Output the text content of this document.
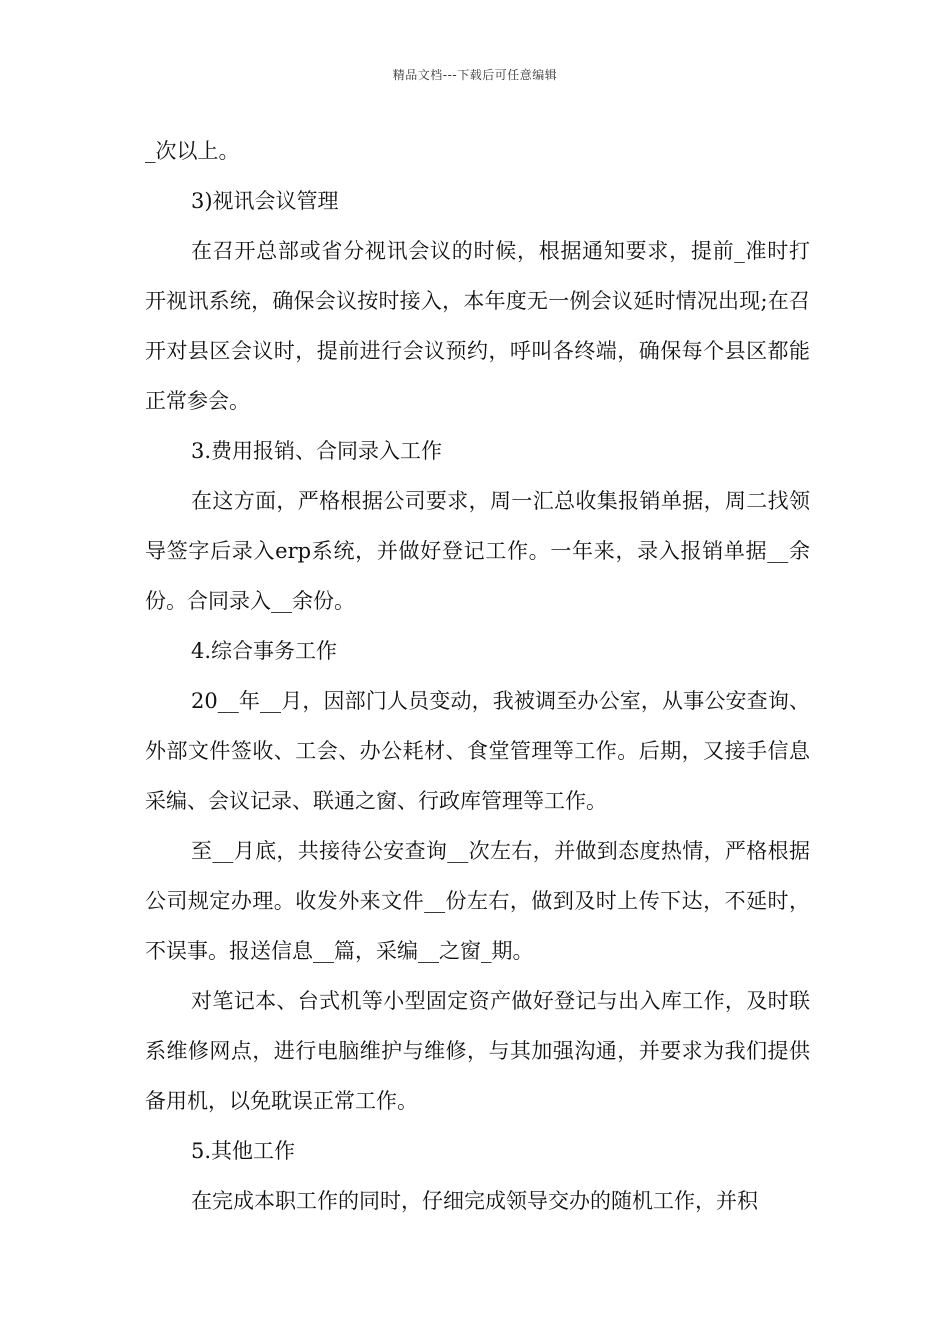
精品文档---下载后可任意编辑

_次以上。

3)视讯会议管理

在召开总部或省分视讯会议的时候，根据通知要求，提前_准时打开视讯系统，确保会议按时接入，本年度无一例会议延时情况出现;在召开对县区会议时，提前进行会议预约，呼叫各终端，确保每个县区都能正常参会。

3.费用报销、合同录入工作

在这方面，严格根据公司要求，周一汇总收集报销单据，周二找领导签字后录入erp系统，并做好登记工作。一年来，录入报销单据__余份。合同录入__余份。

4.综合事务工作

20__年__月，因部门人员变动，我被调至办公室，从事公安查询、外部文件签收、工会、办公耗材、食堂管理等工作。后期，又接手信息采编、会议记录、联通之窗、行政库管理等工作。

至__月底，共接待公安查询__次左右，并做到态度热情，严格根据公司规定办理。收发外来文件__份左右，做到及时上传下达，不延时，不误事。报送信息__篇，采编__之窗_期。

对笔记本、台式机等小型固定资产做好登记与出入库工作，及时联系维修网点，进行电脑维护与维修，与其加强沟通，并要求为我们提供备用机，以免耽误正常工作。

5.其他工作

在完成本职工作的同时，仔细完成领导交办的随机工作，并积
